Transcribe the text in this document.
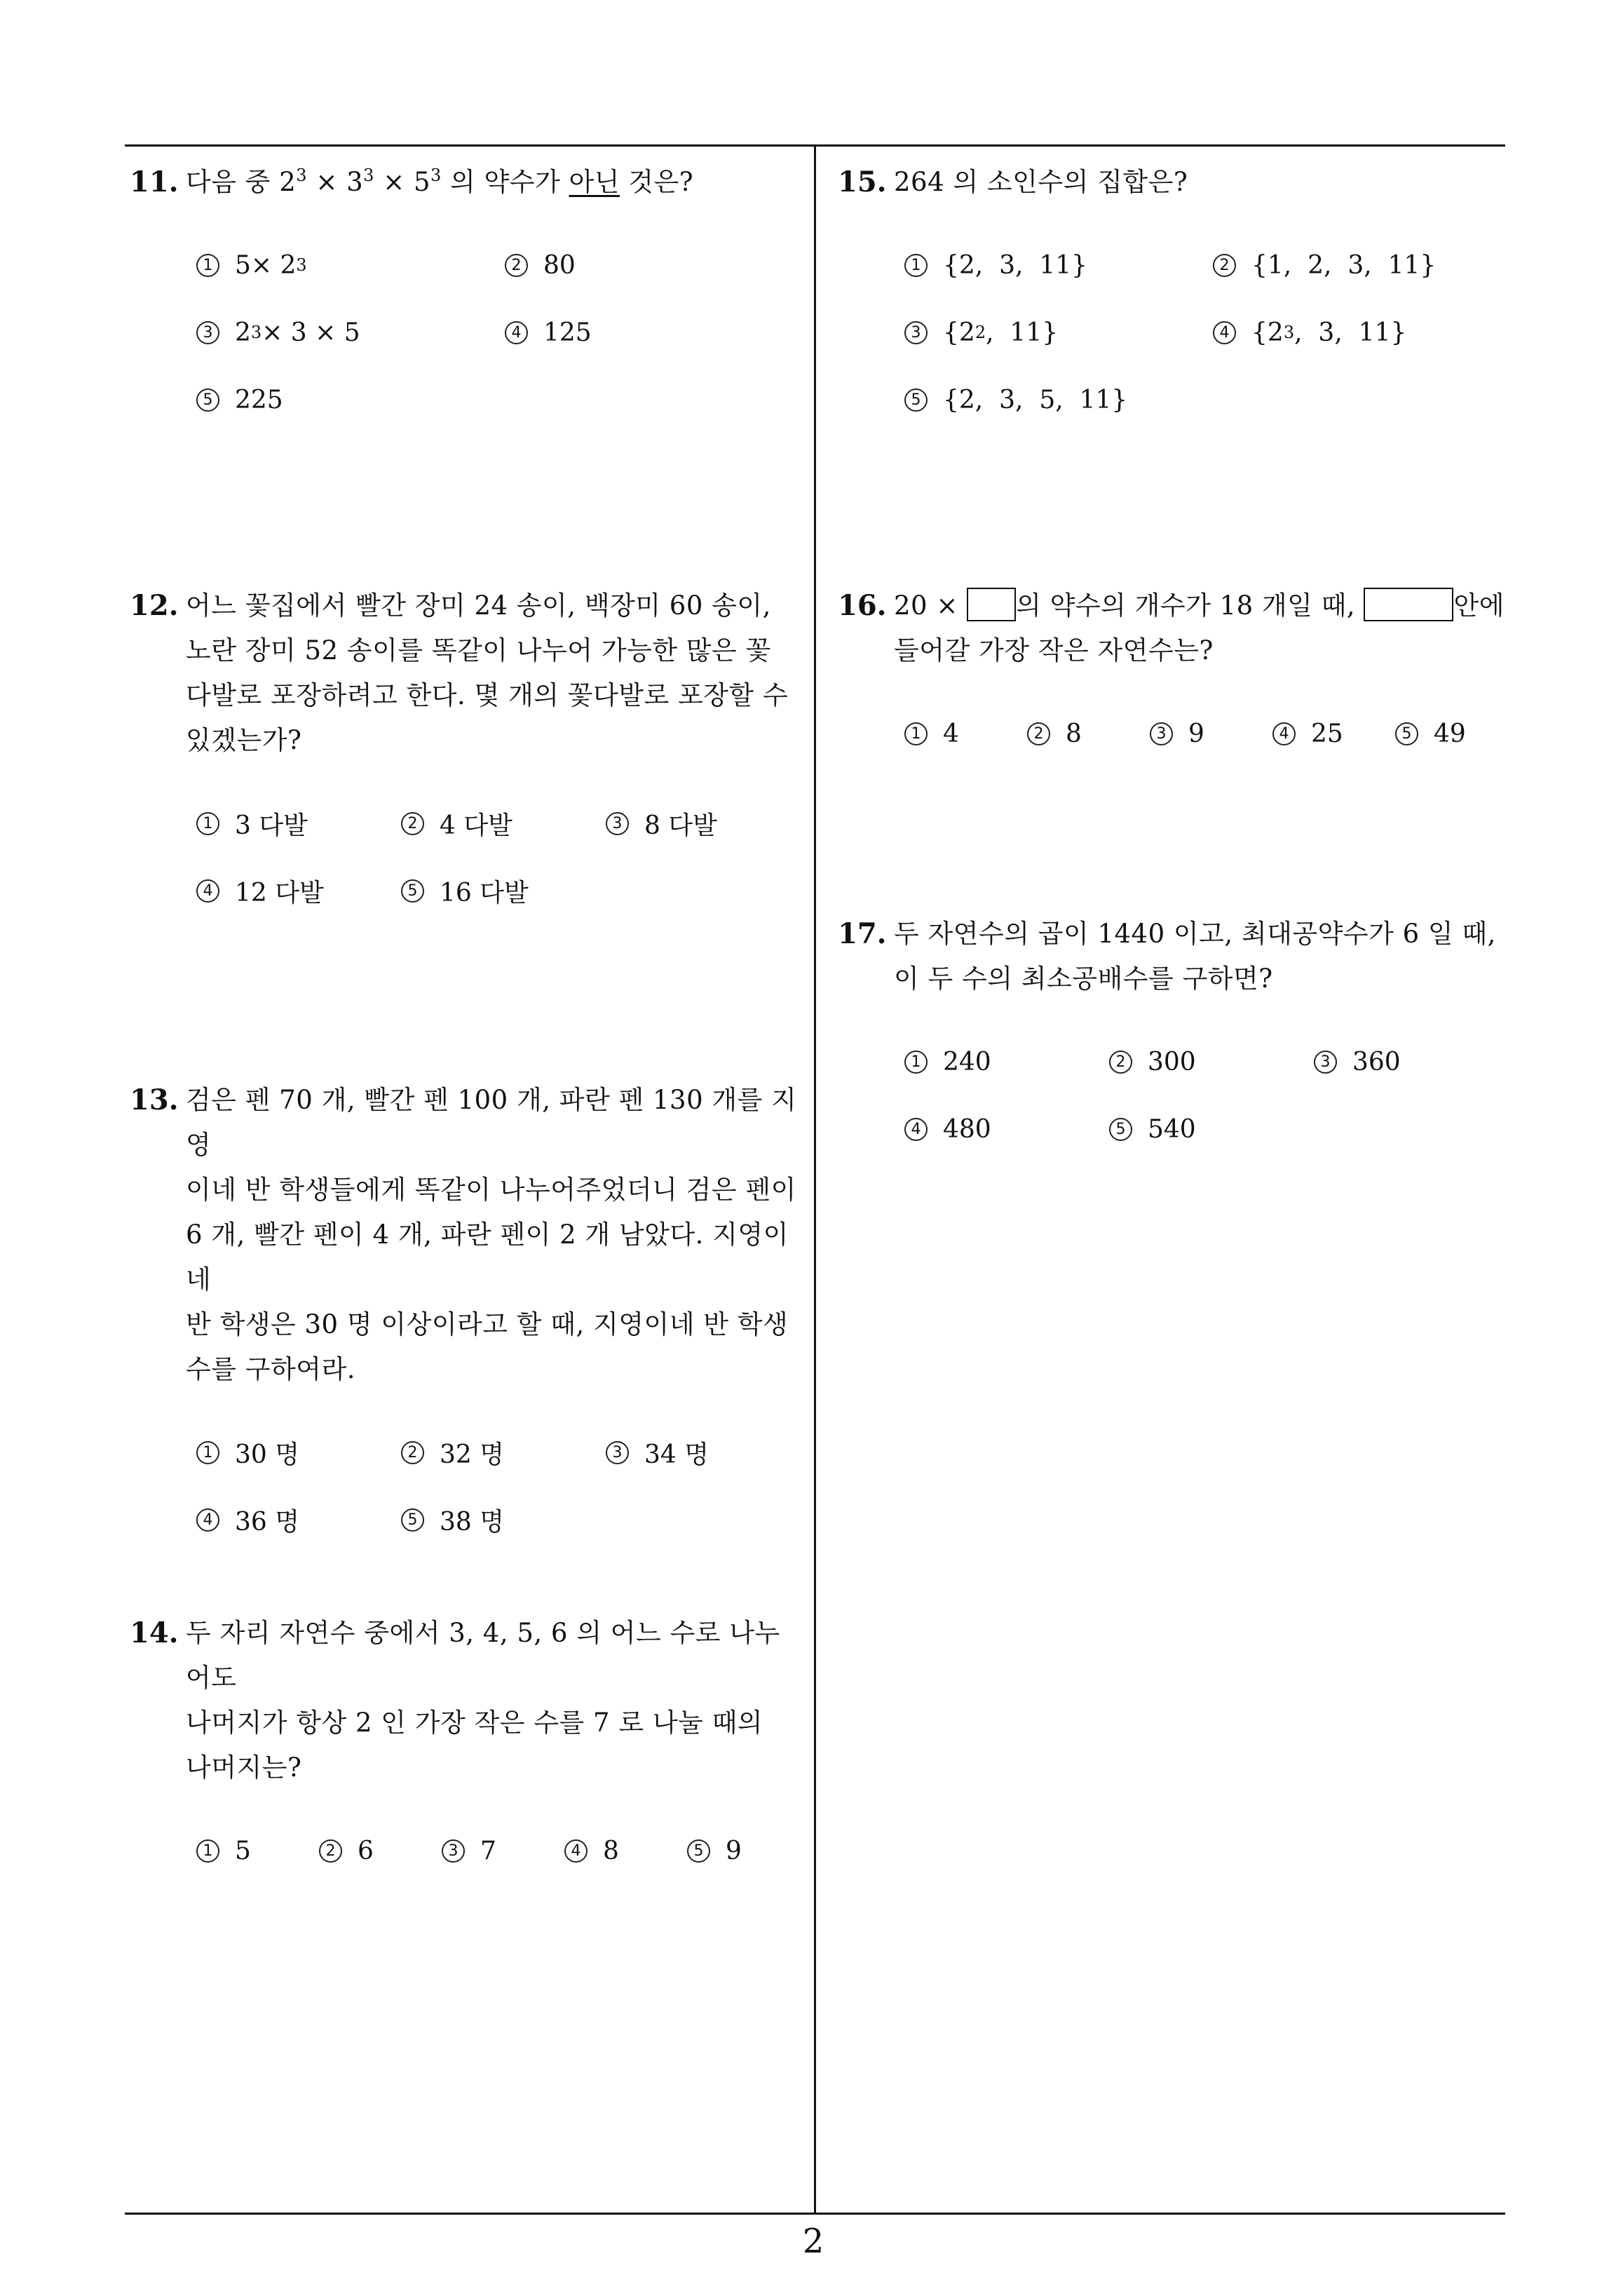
2
11. 다음 중 $2^3 \times 3^3 \times 5^3$ 의 약수가 아닌 것은?
1 5× 2 3	2 80
3 2 3 × 3 × 5	4 125
5 225
12. 어느 꽃집에서 빨간 장미 24 송이, 백장미 60 송이,
노란 장미 52 송이를 똑같이 나누어 가능한 많은 꽃
다발로 포장하려고 한다. 몇 개의 꽃다발로 포장할 수
있겠는가?
1 3 다발	2 4 다발	3 8 다발
4 12 다발	5 16 다발
13. 검은 펜 70 개, 빨간 펜 100 개, 파란 펜 130 개를 지영
이네 반 학생들에게 똑같이 나누어주었더니 검은 펜이
6 개, 빨간 펜이 4 개, 파란 펜이 2 개 남았다. 지영이네
반 학생은 30 명 이상이라고 할 때, 지영이네 반 학생
수를 구하여라.
1 30 명	2 32 명	3 34 명
4 36 명	5 38 명
14. 두 자리 자연수 중에서 3, 4, 5, 6 의 어느 수로 나누어도
나머지가 항상 2 인 가장 작은 수를 7 로 나눌 때의
나머지는?
1 5	2 6	3 7	4 8	5 9
15. 264 의 소인수의 집합은?
1 {2,  3,  11}	2 {1,  2,  3,  11}
3 {2 2 ,  11}	4 {2 3 ,  3,  11}
5 {2,  3,  5,  11}
16. 20 × 의 약수의 개수가 18 개일 때,	안에
들어갈 가장 작은 자연수는?
1 4	2 8	3 9	4 25	5 49
17. 두 자연수의 곱이 1440 이고, 최대공약수가 6 일 때,
이 두 수의 최소공배수를 구하면?
1 240	2 300	3 360
4 480	5 540
